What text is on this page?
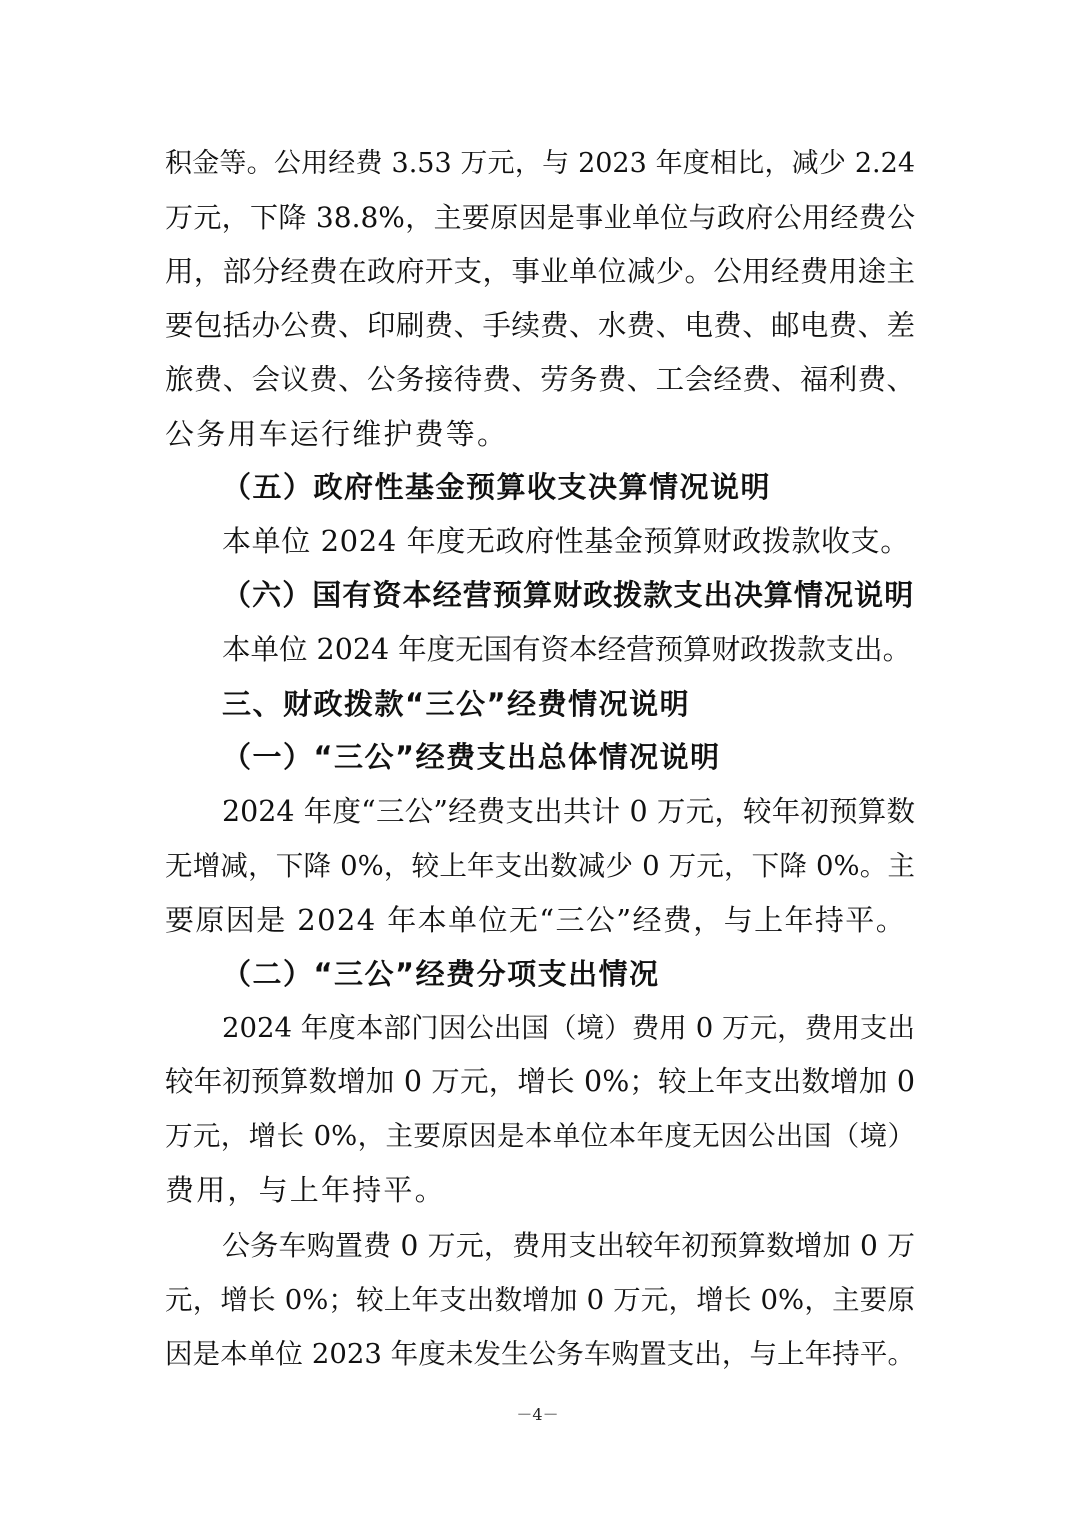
积金等。公用经费 3.53 万元，与 2023 年度相比，减少 2.24
万元，下降 38.8%，主要原因是事业单位与政府公用经费公
用，部分经费在政府开支，事业单位减少。公用经费用途主
要包括办公费、印刷费、手续费、水费、电费、邮电费、差
旅费、会议费、公务接待费、劳务费、工会经费、福利费、
公务用车运行维护费等。
（五）政府性基金预算收支决算情况说明
本单位 2024 年度无政府性基金预算财政拨款收支。
（六）国有资本经营预算财政拨款支出决算情况说明
本单位 2024 年度无国有资本经营预算财政拨款支出。
三、财政拨款“三公”经费情况说明
（一）“三公”经费支出总体情况说明
2024 年度“三公”经费支出共计 0 万元，较年初预算数
无增减，下降 0%，较上年支出数减少 0 万元，下降 0%。主
要原因是 2024 年本单位无“三公”经费，与上年持平。
（二）“三公”经费分项支出情况
2024 年度本部门因公出国（境）费用 0 万元，费用支出
较年初预算数增加 0 万元，增长 0%；较上年支出数增加 0
万元，增长 0%，主要原因是本单位本年度无因公出国（境）
费用，与上年持平。
公务车购置费 0 万元，费用支出较年初预算数增加 0 万
元，增长 0%；较上年支出数增加 0 万元，增长 0%，主要原
因是本单位 2023 年度未发生公务车购置支出，与上年持平。
－4－
